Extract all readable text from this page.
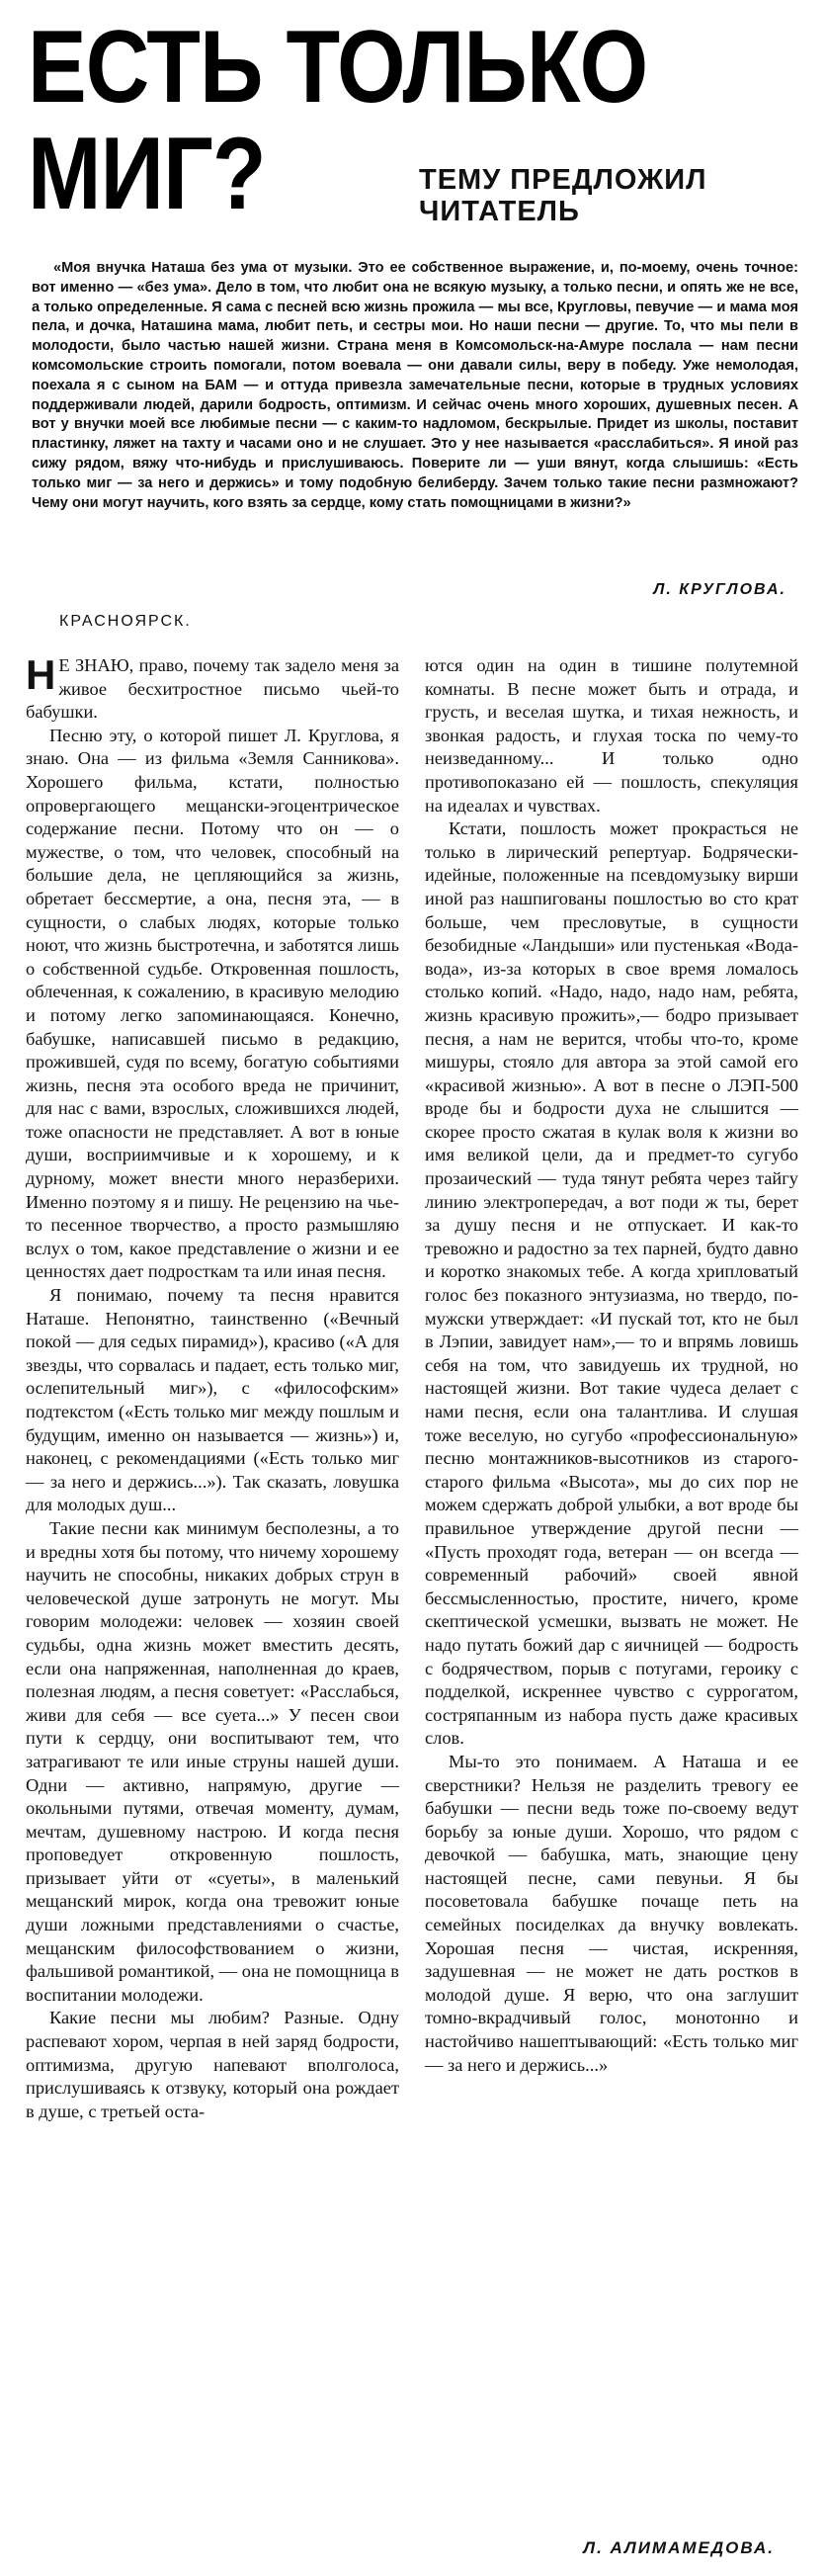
ЕСТЬ ТОЛЬКО
МИГ?	ТЕМУ ПРЕДЛОЖИЛ
ЧИТАТЕЛЬ

«Моя внучка Наташа без ума от музыки. Это ее собственное выражение, и, по-моему, очень точное: вот именно — «без ума». Дело в том, что любит она не всякую музыку, а только песни, и опять же не все, а только определенные. Я сама с песней всю жизнь прожила — мы все, Кругловы, певучие — и мама моя пела, и дочка, Наташина мама, любит петь, и сестры мои. Но наши песни — другие. То, что мы пели в молодости, было частью нашей жизни. Страна меня в Комсомольск-на-Амуре послала — нам песни комсомольские строить помогали, потом воевала — они давали силы, веру в победу. Уже немолодая, поехала я с сыном на БАМ — и оттуда привезла замечательные песни, которые в трудных условиях поддерживали людей, дарили бодрость, оптимизм. И сейчас очень много хороших, душевных песен. А вот у внучки моей все любимые песни — с каким-то надломом, бескрылые. Придет из школы, поставит пластинку, ляжет на тахту и часами оно и не слушает. Это у нее называется «расслабиться». Я иной раз сижу рядом, вяжу что-нибудь и прислушиваюсь. Поверите ли — уши вянут, когда слышишь: «Есть только миг — за него и держись» и тому подобную белиберду. Зачем только такие песни размножают? Чему они могут научить, кого взять за сердце, кому стать помощницами в жизни?»

Л. КРУГЛОВА.
КРАСНОЯРСК.

Н Е ЗНАЮ, право, почему так задело меня за живое бесхитростное письмо чьей-то бабушки.

Песню эту, о которой пишет Л. Круглова, я знаю. Она — из фильма «Земля Санникова». Хорошего фильма, кстати, полностью опровергающего мещански-эгоцентрическое содержание песни. Потому что он — о мужестве, о том, что человек, способный на большие дела, не цепляющийся за жизнь, обретает бессмертие, а она, песня эта, — в сущности, о слабых людях, которые только ноют, что жизнь быстротечна, и заботятся лишь о собственной судьбе. Откровенная пошлость, облеченная, к сожалению, в красивую мелодию и потому легко запоминающаяся. Конечно, бабушке, написавшей письмо в редакцию, прожившей, судя по всему, богатую событиями жизнь, песня эта особого вреда не причинит, для нас с вами, взрослых, сложившихся людей, тоже опасности не представляет. А вот в юные души, восприимчивые и к хорошему, и к дурному, может внести много неразберихи. Именно поэтому я и пишу. Не рецензию на чье-то песенное творчество, а просто размышляю вслух о том, какое представление о жизни и ее ценностях дает подросткам та или иная песня.

Я понимаю, почему та песня нравится Наташе. Непонятно, таинственно («Вечный покой — для седых пирамид»), красиво («А для звезды, что сорвалась и падает, есть только миг, ослепительный миг»), с «философским» подтекстом («Есть только миг между пошлым и будущим, именно он называется — жизнь») и, наконец, с рекомендациями («Есть только миг — за него и держись...»). Так сказать, ловушка для молодых душ...

Такие песни как минимум бесполезны, а то и вредны хотя бы потому, что ничему хорошему научить не способны, никаких добрых струн в человеческой душе затронуть не могут. Мы говорим молодежи: человек — хозяин своей судьбы, одна жизнь может вместить десять, если она напряженная, наполненная до краев, полезная людям, а песня советует: «Расслабься, живи для себя — все суета...» У песен свои пути к сердцу, они воспитывают тем, что затрагивают те или иные струны нашей души. Одни — активно, напрямую, другие — окольными путями, отвечая моменту, думам, мечтам, душевному настрою. И когда песня проповедует откровенную пошлость, призывает уйти от «суеты», в маленький мещанский мирок, когда она тревожит юные души ложными представлениями о счастье, мещанским философствованием о жизни, фальшивой романтикой, — она не помощница в воспитании молодежи.

Какие песни мы любим? Разные. Одну распевают хором, черпая в ней заряд бодрости, оптимизма, другую напевают вполголоса, прислушиваясь к отзвуку, который она рождает в душе, с третьей оста-

ются один на один в тишине полутемной комнаты. В песне может быть и отрада, и грусть, и веселая шутка, и тихая нежность, и звонкая радость, и глухая тоска по чему-то неизведанному... И только одно противопоказано ей — пошлость, спекуляция на идеалах и чувствах.

Кстати, пошлость может прокрасться не только в лирический репертуар. Бодрячески-идейные, положенные на псевдомузыку вирши иной раз нашпигованы пошлостью во сто крат больше, чем пресловутые, в сущности безобидные «Ландыши» или пустенькая «Вода-вода», из-за которых в свое время ломалось столько копий. «Надо, надо, надо нам, ребята, жизнь красивую прожить»,— бодро призывает песня, а нам не верится, чтобы что-то, кроме мишуры, стояло для автора за этой самой его «красивой жизнью». А вот в песне о ЛЭП-500 вроде бы и бодрости духа не слышится — скорее просто сжатая в кулак воля к жизни во имя великой цели, да и предмет-то сугубо прозаический — туда тянут ребята через тайгу линию электропередач, а вот поди ж ты, берет за душу песня и не отпускает. И как-то тревожно и радостно за тех парней, будто давно и коротко знакомых тебе. А когда хрипловатый голос без показного энтузиазма, но твердо, по-мужски утверждает: «И пускай тот, кто не был в Лэпии, завидует нам»,— то и впрямь ловишь себя на том, что завидуешь их трудной, но настоящей жизни. Вот такие чудеса делает с нами песня, если она талантлива. И слушая тоже веселую, но сугубо «профессиональную» песню монтажников-высотников из старого-старого фильма «Высота», мы до сих пор не можем сдержать доброй улыбки, а вот вроде бы правильное утверждение другой песни — «Пусть проходят года, ветеран — он всегда — современный рабочий» своей явной бессмысленностью, простите, ничего, кроме скептической усмешки, вызвать не может. Не надо путать божий дар с яичницей — бодрость с бодрячеством, порыв с потугами, героику с подделкой, искреннее чувство с суррогатом, состряпанным из набора пусть даже красивых слов.

Мы-то это понимаем. А Наташа и ее сверстники? Нельзя не разделить тревогу ее бабушки — песни ведь тоже по-своему ведут борьбу за юные души. Хорошо, что рядом с девочкой — бабушка, мать, знающие цену настоящей песне, сами певуньи. Я бы посоветовала бабушке почаще петь на семейных посиделках да внучку вовлекать. Хорошая песня — чистая, искренняя, задушевная — не может не дать ростков в молодой душе. Я верю, что она заглушит томно-вкрадчивый голос, монотонно и настойчиво нашептывающий: «Есть только миг — за него и держись...»

Л. АЛИМАМЕДОВА.
